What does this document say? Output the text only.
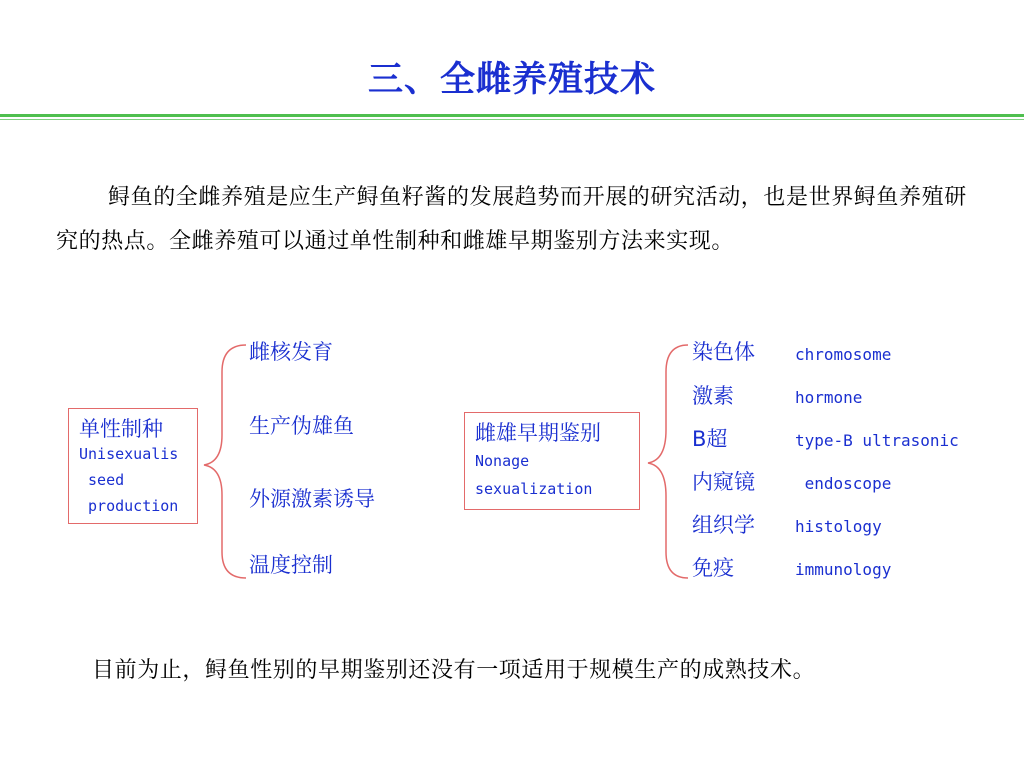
三、全雌养殖技术
鲟鱼的全雌养殖是应生产鲟鱼籽酱的发展趋势而开展的研究活动，也是世界鲟鱼养殖研究的热点。全雌养殖可以通过单性制种和雌雄早期鉴别方法来实现。
单性制种
Unisexualis
seed
production
雌核发育
生产伪雄鱼
外源激素诱导
温度控制
雌雄早期鉴别
Nonage
sexualization
染色体	chromosome
激素	hormone
B超	type-B ultrasonic
内窥镜	endoscope
组织学	histology
免疫	immunology
目前为止，鲟鱼性别的早期鉴别还没有一项适用于规模生产的成熟技术。
